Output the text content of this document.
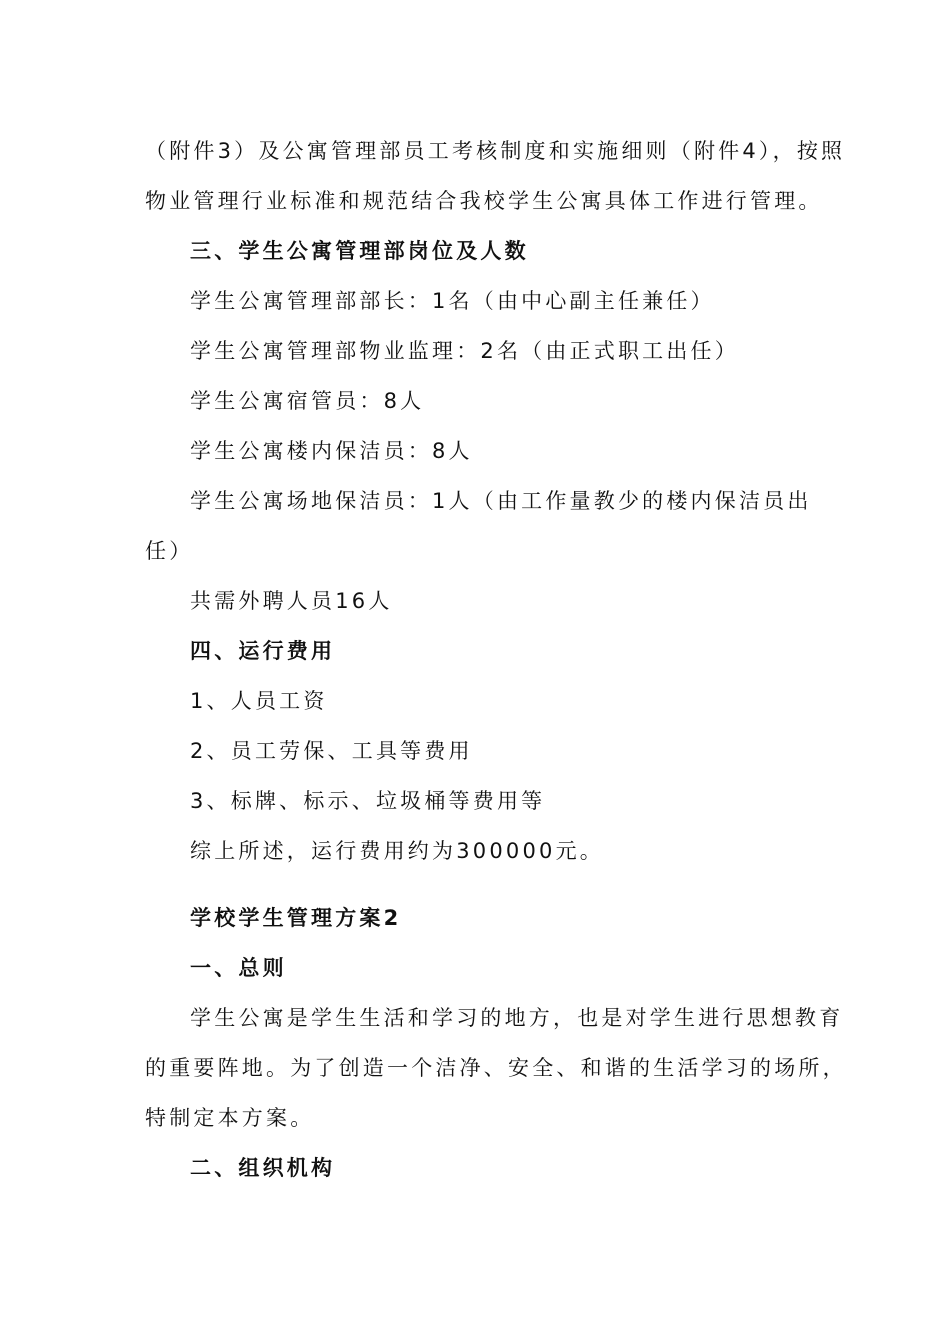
（附件3）及公寓管理部员工考核制度和实施细则（附件4），按照
物业管理行业标准和规范结合我校学生公寓具体工作进行管理。
三、学生公寓管理部岗位及人数
学生公寓管理部部长：1名（由中心副主任兼任）
学生公寓管理部物业监理：2名（由正式职工出任）
学生公寓宿管员：8人
学生公寓楼内保洁员：8人
学生公寓场地保洁员：1人（由工作量教少的楼内保洁员出
任）
共需外聘人员16人
四、运行费用
1、人员工资
2、员工劳保、工具等费用
3、标牌、标示、垃圾桶等费用等
综上所述，运行费用约为300000元。
学校学生管理方案2
一、总则
学生公寓是学生生活和学习的地方，也是对学生进行思想教育
的重要阵地。为了创造一个洁净、安全、和谐的生活学习的场所，
特制定本方案。
二、组织机构
